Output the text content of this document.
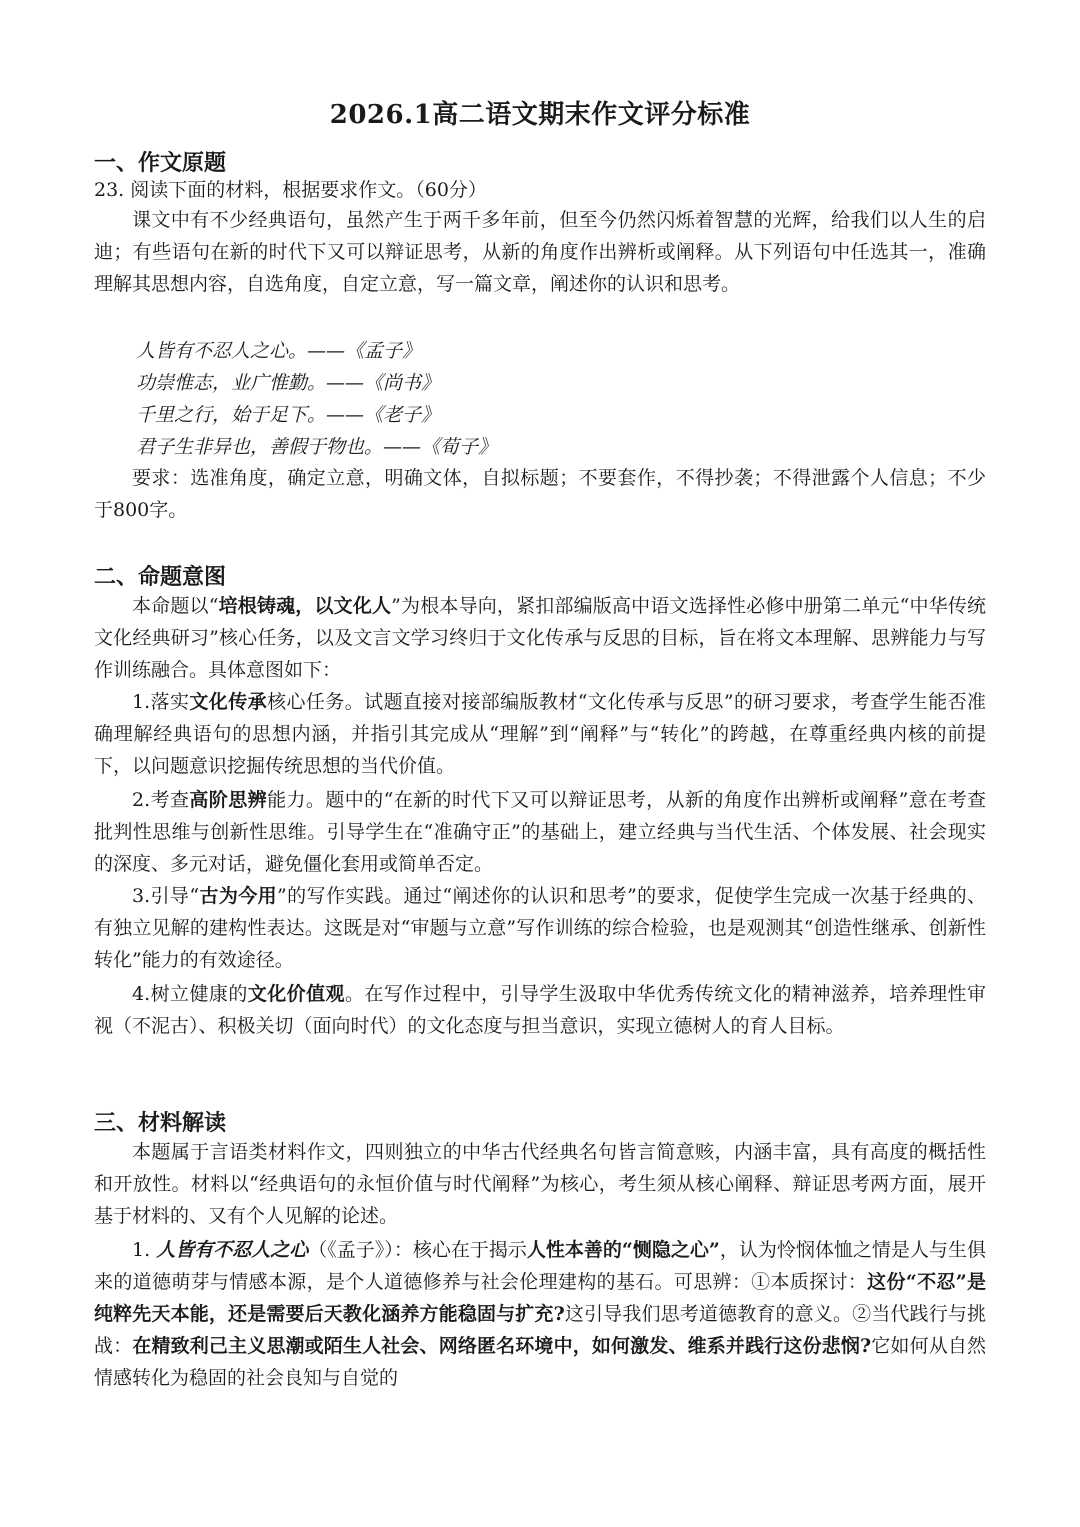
2026.1高二语文期末作文评分标准
一、作文原题
23. 阅读下面的材料，根据要求作文。（60分）
课文中有不少经典语句，虽然产生于两千多年前，但至今仍然闪烁着智慧的光辉，给我们以人生的启迪；有些语句在新的时代下又可以辩证思考，从新的角度作出辨析或阐释。从下列语句中任选其一，准确理解其思想内容，自选角度，自定立意，写一篇文章，阐述你的认识和思考。
人皆有不忍人之心。——《孟子》
功崇惟志，业广惟勤。——《尚书》
千里之行，始于足下。——《老子》
君子生非异也，善假于物也。——《荀子》
要求：选准角度，确定立意，明确文体，自拟标题；不要套作，不得抄袭；不得泄露个人信息；不少于800字。
二、命题意图
本命题以“培根铸魂，以文化人”为根本导向，紧扣部编版高中语文选择性必修中册第二单元“中华传统文化经典研习”核心任务，以及文言文学习终归于文化传承与反思的目标，旨在将文本理解、思辨能力与写作训练融合。具体意图如下：
1.落实文化传承核心任务。试题直接对接部编版教材“文化传承与反思”的研习要求，考查学生能否准确理解经典语句的思想内涵，并指引其完成从“理解”到“阐释”与“转化”的跨越，在尊重经典内核的前提下，以问题意识挖掘传统思想的当代价值。
2.考查高阶思辨能力。题中的“在新的时代下又可以辩证思考，从新的角度作出辨析或阐释”意在考查批判性思维与创新性思维。引导学生在“准确守正”的基础上，建立经典与当代生活、个体发展、社会现实的深度、多元对话，避免僵化套用或简单否定。
3.引导“古为今用”的写作实践。通过“阐述你的认识和思考”的要求，促使学生完成一次基于经典的、有独立见解的建构性表达。这既是对“审题与立意”写作训练的综合检验，也是观测其“创造性继承、创新性转化”能力的有效途径。
4.树立健康的文化价值观。在写作过程中，引导学生汲取中华优秀传统文化的精神滋养，培养理性审视（不泥古）、积极关切（面向时代）的文化态度与担当意识，实现立德树人的育人目标。
三、材料解读
本题属于言语类材料作文，四则独立的中华古代经典名句皆言简意赅，内涵丰富，具有高度的概括性和开放性。材料以“经典语句的永恒价值与时代阐释”为核心，考生须从核心阐释、辩证思考两方面，展开基于材料的、又有个人见解的论述。
1. 人皆有不忍人之心（《孟子》）：核心在于揭示人性本善的“恻隐之心”，认为怜悯体恤之情是人与生俱来的道德萌芽与情感本源，是个人道德修养与社会伦理建构的基石。可思辨：①本质探讨：这份“不忍”是纯粹先天本能，还是需要后天教化涵养方能稳固与扩充?这引导我们思考道德教育的意义。②当代践行与挑战：在精致利己主义思潮或陌生人社会、网络匿名环境中，如何激发、维系并践行这份悲悯?它如何从自然情感转化为稳固的社会良知与自觉的
